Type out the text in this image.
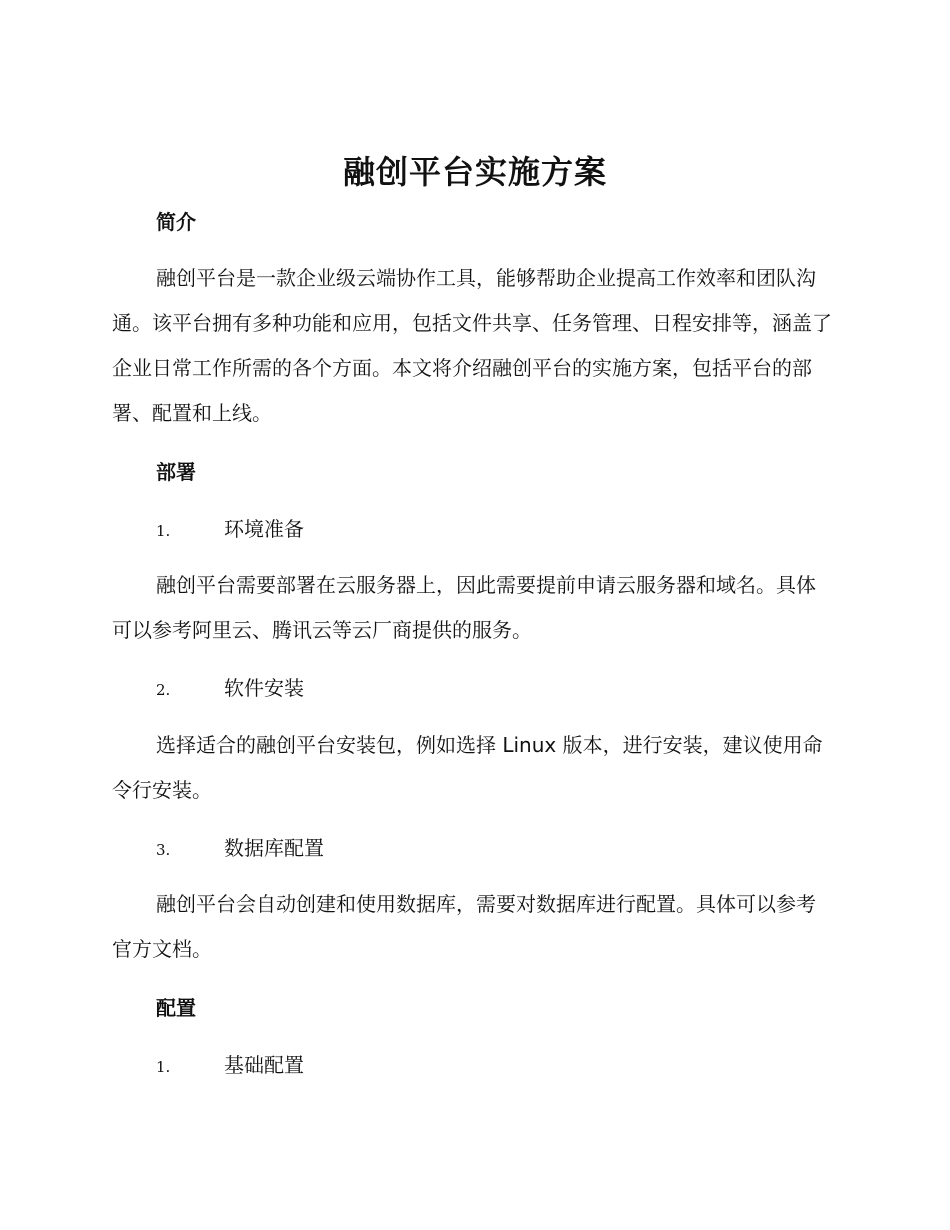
融创平台实施方案
简介

融创平台是一款企业级云端协作工具，能够帮助企业提高工作效率和团队沟通。该平台拥有多种功能和应用，包括文件共享、任务管理、日程安排等，涵盖了企业日常工作所需的各个方面。本文将介绍融创平台的实施方案，包括平台的部署、配置和上线。

部署
1.	环境准备

融创平台需要部署在云服务器上，因此需要提前申请云服务器和域名。具体可以参考阿里云、腾讯云等云厂商提供的服务。

2.	软件安装

选择适合的融创平台安装包，例如选择 Linux 版本，进行安装，建议使用命令行安装。

3.	数据库配置

融创平台会自动创建和使用数据库，需要对数据库进行配置。具体可以参考官方文档。

配置
1.	基础配置
